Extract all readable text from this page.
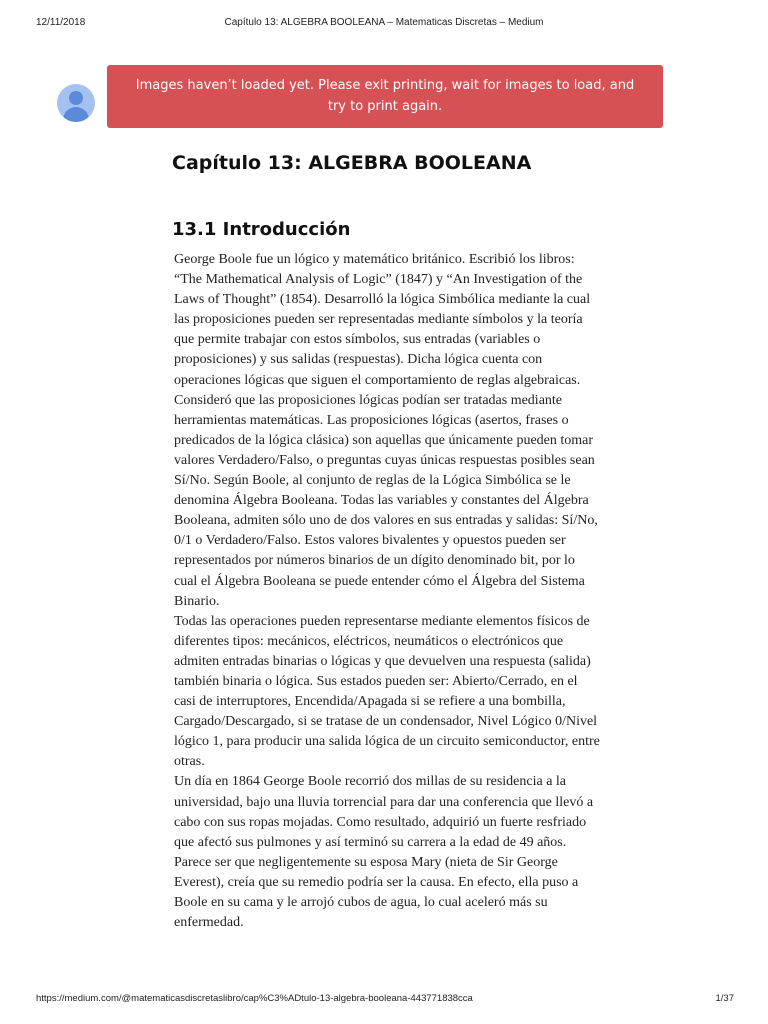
12/11/2018	Capítulo 13: ALGEBRA BOOLEANA – Matematicas Discretas – Medium
Images haven’t loaded yet. Please exit printing, wait for images to load, and try to print again.
Capítulo 13: ALGEBRA BOOLEANA
13.1 Introducción

George Boole fue un lógico y matemático británico. Escribió los libros: “The Mathematical Analysis of Logic” (1847) y “An Investigation of the Laws of Thought” (1854). Desarrolló la lógica Simbólica mediante la cual las proposiciones pueden ser representadas mediante símbolos y la teoría que permite trabajar con estos símbolos, sus entradas (variables o proposiciones) y sus salidas (respuestas). Dicha lógica cuenta con operaciones lógicas que siguen el comportamiento de reglas algebraicas. Consideró que las proposiciones lógicas podían ser tratadas mediante herramientas matemáticas. Las proposiciones lógicas (asertos, frases o predicados de la lógica clásica) son aquellas que únicamente pueden tomar valores Verdadero/Falso, o preguntas cuyas únicas respuestas posibles sean Sí/No. Según Boole, al conjunto de reglas de la Lógica Simbólica se le denomina Álgebra Booleana. Todas las variables y constantes del Álgebra Booleana, admiten sólo uno de dos valores en sus entradas y salidas: Sí/No, 0/1 o Verdadero/Falso. Estos valores bivalentes y opuestos pueden ser representados por números binarios de un dígito denominado bit, por lo cual el Álgebra Booleana se puede entender cómo el Álgebra del Sistema Binario.

Todas las operaciones pueden representarse mediante elementos físicos de diferentes tipos: mecánicos, eléctricos, neumáticos o electrónicos que admiten entradas binarias o lógicas y que devuelven una respuesta (salida) también binaria o lógica. Sus estados pueden ser: Abierto/Cerrado, en el casi de interruptores, Encendida/Apagada si se refiere a una bombilla, Cargado/Descargado, si se tratase de un condensador, Nivel Lógico 0/Nivel lógico 1, para producir una salida lógica de un circuito semiconductor, entre otras.

Un día en 1864 George Boole recorrió dos millas de su residencia a la universidad, bajo una lluvia torrencial para dar una conferencia que llevó a cabo con sus ropas mojadas. Como resultado, adquirió un fuerte resfriado que afectó sus pulmones y así terminó su carrera a la edad de 49 años. Parece ser que negligentemente su esposa Mary (nieta de Sir George Everest), creía que su remedio podría ser la causa. En efecto, ella puso a Boole en su cama y le arrojó cubos de agua, lo cual aceleró más su enfermedad.

https://medium.com/@matematicasdiscretaslibro/cap%C3%ADtulo-13-algebra-booleana-443771838cca	1/37
